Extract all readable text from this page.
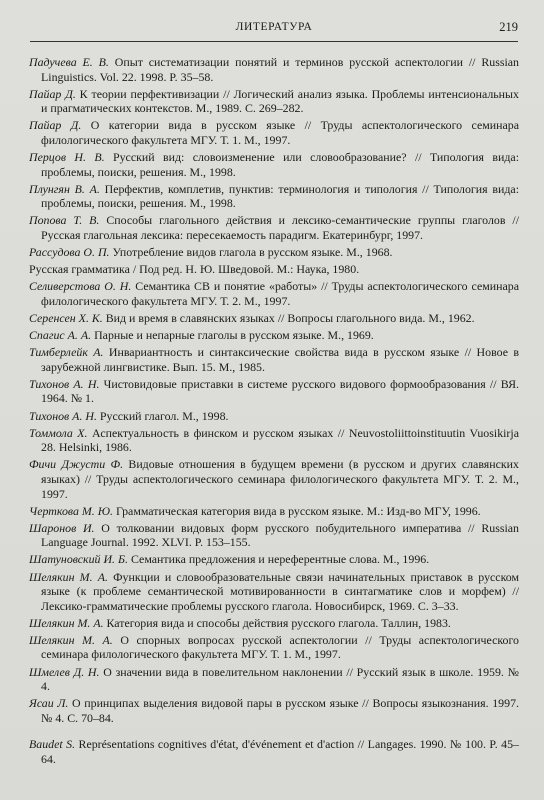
ЛИТЕРАТУРА	219

Падучева Е. В. Опыт систематизации понятий и терминов русской аспектологии // Russian Linguistics. Vol. 22. 1998. P. 35–58.

Пайар Д. К теории перфективизации // Логический анализ языка. Проблемы интенсиональных и прагматических контекстов. М., 1989. С. 269–282.

Пайар Д. О категории вида в русском языке // Труды аспектологического семинара филологического факультета МГУ. Т. 1. М., 1997.

Перцов Н. В. Русский вид: словоизменение или словообразование? // Типология вида: проблемы, поиски, решения. М., 1998.

Плунгян В. А. Перфектив, комплетив, пунктив: терминология и типология // Типология вида: проблемы, поиски, решения. М., 1998.

Попова Т. В. Способы глагольного действия и лексико-семантические группы глаголов // Русская глагольная лексика: пересекаемость парадигм. Екатеринбург, 1997.

Рассудова О. П. Употребление видов глагола в русском языке. М., 1968.

Русская грамматика / Под ред. Н. Ю. Шведовой. М.: Наука, 1980.

Селиверстова О. Н. Семантика СВ и понятие «работы» // Труды аспектологического семинара филологического факультета МГУ. Т. 2. М., 1997.

Серенсен Х. К. Вид и время в славянских языках // Вопросы глагольного вида. М., 1962.

Спагис А. А. Парные и непарные глаголы в русском языке. М., 1969.

Тимберлейк А. Инвариантность и синтаксические свойства вида в русском языке // Новое в зарубежной лингвистике. Вып. 15. М., 1985.

Тихонов А. Н. Чистовидовые приставки в системе русского видового формообразования // ВЯ. 1964. № 1.

Тихонов А. Н. Русский глагол. М., 1998.

Томмола Х. Аспектуальность в финском и русском языках // Neuvostoliittoinstituutin Vuosikirja 28. Helsinki, 1986.

Фичи Джусти Ф. Видовые отношения в будущем времени (в русском и других славянских языках) // Труды аспектологического семинара филологического факультета МГУ. Т. 2. М., 1997.

Черткова М. Ю. Грамматическая категория вида в русском языке. М.: Изд-во МГУ, 1996.

Шаронов И. О толковании видовых форм русского побудительного императива // Russian Language Journal. 1992. XLVI. P. 153–155.

Шатуновский И. Б. Семантика предложения и нереферентные слова. М., 1996.

Шелякин М. А. Функции и словообразовательные связи начинательных приставок в русском языке (к проблеме семантической мотивированности в синтагматике слов и морфем) // Лексико-грамматические проблемы русского глагола. Новосибирск, 1969. С. 3–33.

Шелякин М. А. Категория вида и способы действия русского глагола. Таллин, 1983.

Шелякин М. А. О спорных вопросах русской аспектологии // Труды аспектологического семинара филологического факультета МГУ. Т. 1. М., 1997.

Шмелев Д. Н. О значении вида в повелительном наклонении // Русский язык в школе. 1959. № 4.

Ясаи Л. О принципах выделения видовой пары в русском языке // Вопросы языкознания. 1997. № 4. С. 70–84.

Baudet S. Représentations cognitives d'état, d'événement et d'action // Langages. 1990. № 100. P. 45–64.
